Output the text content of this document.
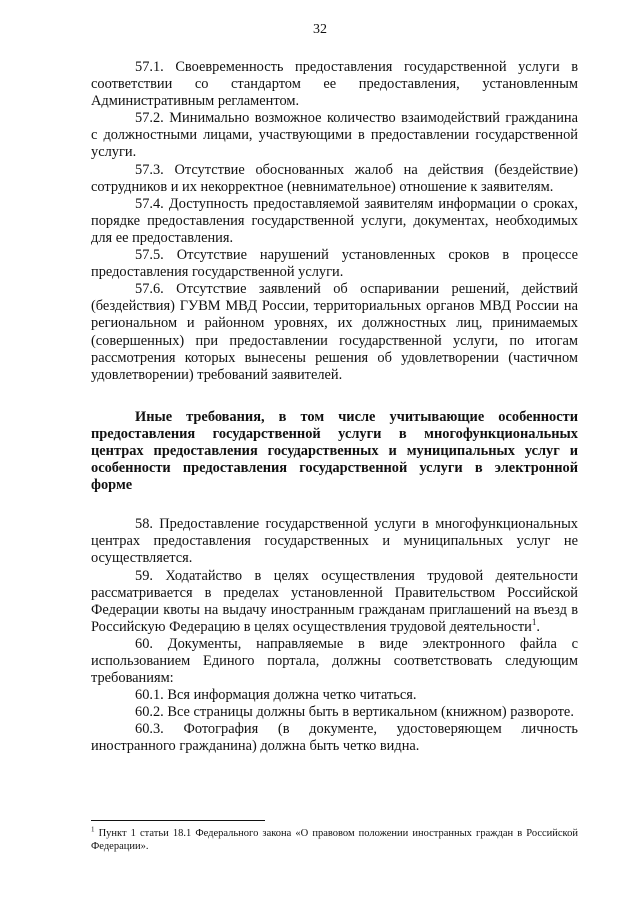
32

57.1. Своевременность предоставления государственной услуги в соответствии со стандартом ее предоставления, установленным Административным регламентом.

57.2. Минимально возможное количество взаимодействий гражданина с должностными лицами, участвующими в предоставлении государственной услуги.

57.3. Отсутствие обоснованных жалоб на действия (бездействие) сотрудников и их некорректное (невнимательное) отношение к заявителям.

57.4. Доступность предоставляемой заявителям информации о сроках, порядке предоставления государственной услуги, документах, необходимых для ее предоставления.

57.5. Отсутствие нарушений установленных сроков в процессе предоставления государственной услуги.

57.6. Отсутствие заявлений об оспаривании решений, действий (бездействия) ГУВМ МВД России, территориальных органов МВД России на региональном и районном уровнях, их должностных лиц, принимаемых (совершенных) при предоставлении государственной услуги, по итогам рассмотрения которых вынесены решения об удовлетворении (частичном удовлетворении) требований заявителей.

Иные требования, в том числе учитывающие особенности предоставления государственной услуги в многофункциональных центрах предоставления государственных и муниципальных услуг и особенности предоставления государственной услуги в электронной форме

58. Предоставление государственной услуги в многофункциональных центрах предоставления государственных и муниципальных услуг не осуществляется.

59. Ходатайство в целях осуществления трудовой деятельности рассматривается в пределах установленной Правительством Российской Федерации квоты на выдачу иностранным гражданам приглашений на въезд в Российскую Федерацию в целях осуществления трудовой деятельности$^1$.

60. Документы, направляемые в виде электронного файла с использованием Единого портала, должны соответствовать следующим требованиям:

60.1. Вся информация должна четко читаться.

60.2. Все страницы должны быть в вертикальном (книжном) развороте.

60.3. Фотография (в документе, удостоверяющем личность иностранного гражданина) должна быть четко видна.

$^1$ Пункт 1 статьи 18.1 Федерального закона «О правовом положении иностранных граждан в Российской Федерации».
